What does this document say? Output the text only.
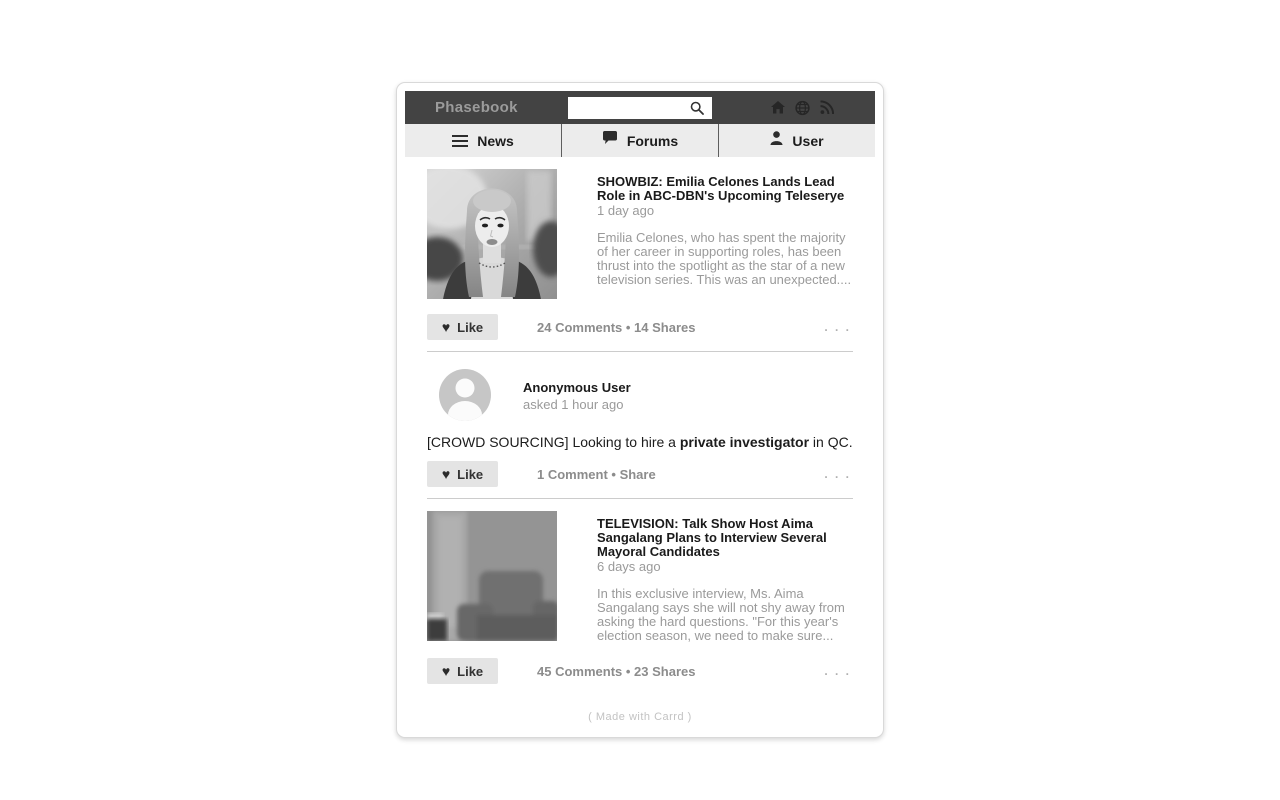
Phasebook
News	Forums	User
SHOWBIZ: Emilia Celones Lands Lead Role in ABC-DBN's Upcoming Teleserye
1 day ago
Emilia Celones, who has spent the majority of her career in supporting roles, has been thrust into the spotlight as the star of a new television series. This was an unexpected....
♥ Like	24 Comments • 14 Shares	. . .
Anonymous User
asked 1 hour ago
[CROWD SOURCING] Looking to hire a private investigator in QC.
♥ Like	1 Comment • Share	. . .
TELEVISION: Talk Show Host Aima Sangalang Plans to Interview Several Mayoral Candidates
6 days ago
In this exclusive interview, Ms. Aima Sangalang says she will not shy away from asking the hard questions. "For this year's election season, we need to make sure...
♥ Like	45 Comments • 23 Shares	. . .
( Made with Carrd )
